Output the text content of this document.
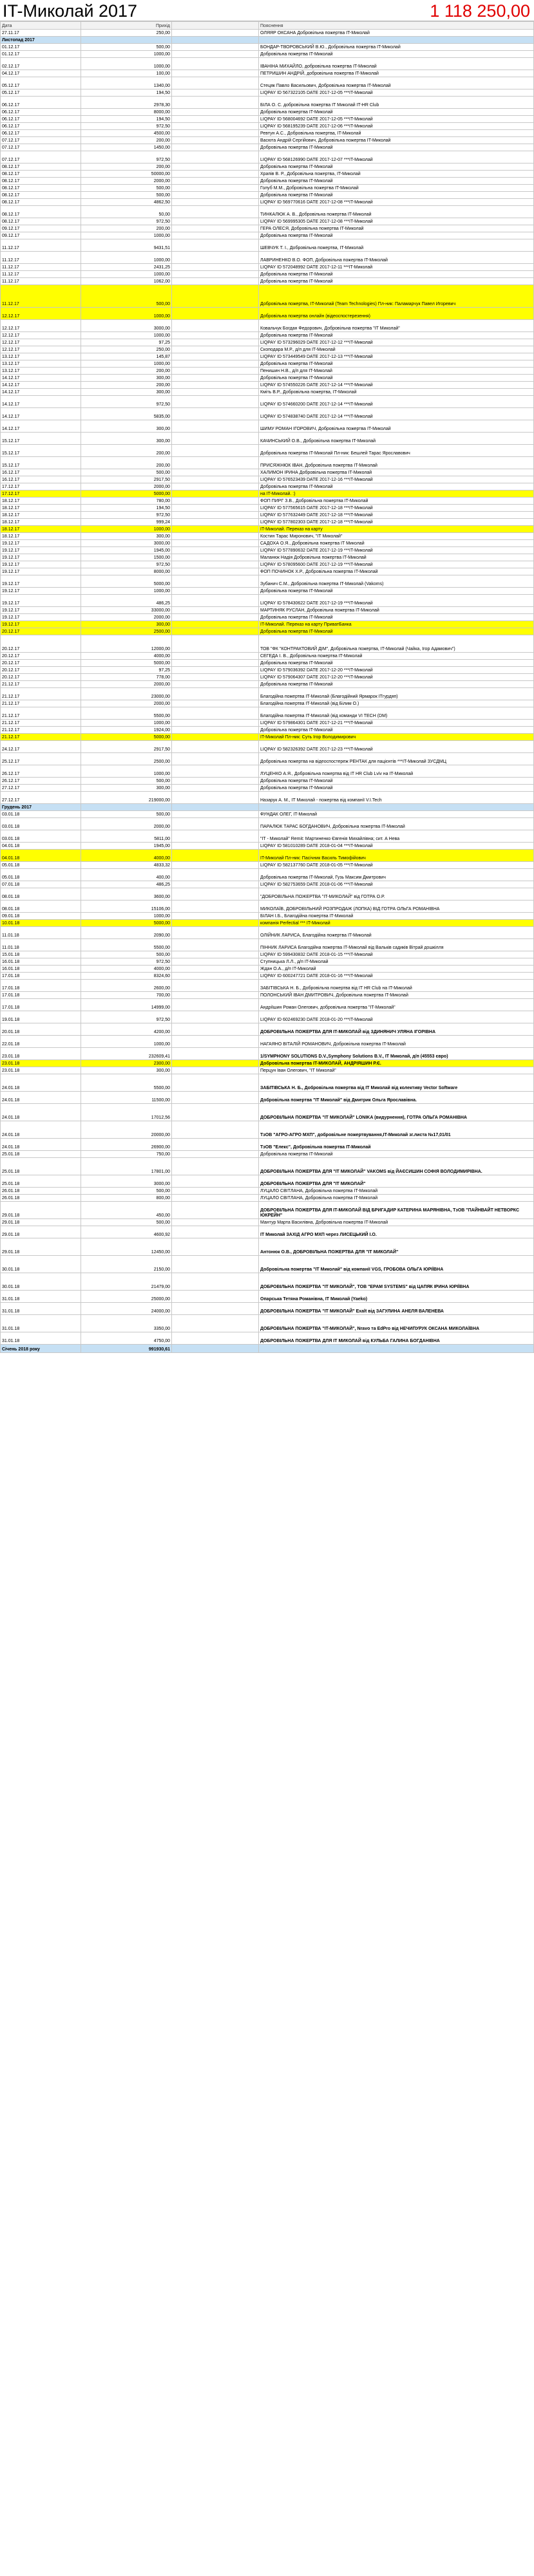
IT-Миколай 2017	1 118 250,00
Дата	Прихід		Пояснення
27.11.17	250,00		ОЛЯЯР ОКСАНА Добровільна пожертва IT-Миколай
Листопад 2017			
01.12.17	500,00		БОНДАР-ТВОРОВСЬКИЙ В.Ю., Добровільна пожертва IT-Миколай
01.12.17	1000,00		Добровільна пожертва IT-Миколай
02.12.17	1000,00		ІВАНІНА МИХАЙЛО, добровільна пожертва IT-Миколай
04.12.17	100,00		ПЕТРИШИН АНДРІЙ, добровільна пожертва IT-Миколай
05.12.17	1340,00		Стецяк Павло Васильович, Добровільна пожертва IT-Миколай
05.12.17	194,50		LIQPAY ID 567322105 DATE 2017-12-05 ***IT-Миколай
06.12.17	2978,30		БІЛА О. С. добровільна пожертва IT Миколай IT-HR Club
06.12.17	8000,00		Добровільна пожертва IT-Миколай
06.12.17	194,50		LIQPAY ID 568004692 DATE 2017-12-05 ***IT-Миколай
06.12.17	972,50		LIQPAY ID 568195239 DATE 2017-12-06 ***IT-Миколай
06.12.17	4500,00		Ревтун А.С., Добровільна пожертва, IT-Миколай
07.12.17	200,00		Васюта Андрій Сергійович, Добровільна пожертва IT-Миколай
07.12.17	1450,00		Добровільна пожертва IT-Миколай
07.12.17	972,50		LIQPAY ID 568126990 DATE 2017-12-07 ***IT-Миколай
08.12.17	200,00		Добровільна пожертва IT-Миколай
08.12.17	50000,00		Храпів В. Р., Добровільна пожертва, IT-Миколай
08.12.17	2000,00		Добровільна пожертва IT-Миколай
08.12.17	500,00		Голуб М.М., Добровільна пожертва IT-Миколай
08.12.17	500,00		Добровільна пожертва IT-Миколай
08.12.17	4862,50		LIQPAY ID 569770616 DATE 2017-12-08 ***IT-Миколай
08.12.17	50,00		ТИНКАЛЮК А. В., Добровільна пожертва IT-Миколай
08.12.17	972,50		LIQPAY ID 569995305 DATE 2017-12-08 ***IT-Миколай
09.12.17	200,00		ГЕРА ОЛЕСЯ, Добровільна пожертва IT-Миколай
09.12.17	1000,00		Добровільна пожертва IT-Миколай
11.12.17	9431,51		ШЕВЧУК Т. І., Добровільна пожертва, IT-Миколай
11.12.17	1000,00		ЛАВРИНЕНКО В.О. ФОП, Добровільна пожертва IT-Миколай
11.12.17	2431,25		LIQPAY ID 572048992 DATE 2017-12-11 ***IT-Миколай
11.12.17	1000,00		Добровільна пожертва IT-Миколай
11.12.17	1062,00		Добровільна пожертва IT-Миколай
11.12.17	500,00		Добровільна пожертва, IT-Миколай (Team Technologies) Пл-ник: Паламарчук Павел Игоревич
12.12.17	1000,00		Добровільна пожертва онлайн (відеоспостерезення)
12.12.17	3000,00		Ковальчук Богдан Федорович, Добровільна пожертва "IT Миколай"
12.12.17	1000,00		Добровільна пожертва IT-Миколай
12.12.17	97,25		LIQPAY ID 573296029 DATE 2017-12-12 ***IT-Миколай
12.12.17	250,00		Скоподара М.Р., д/п для IT-Миколай
13.12.17	145,87		LIQPAY ID 573449549 DATE 2017-12-13 ***IT-Миколай
13.12.17	1000,00		Добровільна пожертва IT-Миколай
13.12.17	200,00		Пенишин Н.В., д/п для IT-Миколай
14.12.17	300,00		Добровільна пожертва IT-Миколай
14.12.17	200,00		LIQPAY ID 574550226 DATE 2017-12-14 ***IT-Миколай
14.12.17	300,00		Кміть В.Р., Добровільна пожертва, IT-Миколай
14.12.17	972,50		LIQPAY ID 574660200 DATE 2017-12-14 ***IT-Миколай
14.12.17	5835,00		LIQPAY ID 574838740 DATE 2017-12-14 ***IT-Миколай
14.12.17	300,00		ШИМУ РОМАН ІГОРОВИЧ, Добровільна пожертва IT-Миколай
15.12.17	300,00		КАЧИНСЬКИЙ О.В., Добровільна пожертва IT-Миколай
15.12.17	200,00		Добровільна пожертва IT-Миколай Пл-ник: Бешлей Тарас Ярославович
15.12.17	200,00		ПРИСЯЖНЮК ІВАН, Добровільна пожертва IT-Миколай
16.12.17	500,00		ХАЛИМОН ІРИНА Добровільна пожертва IT-Миколай
16.12.17	2917,50		LIQPAY ID 576523439 DATE 2017-12-16 ***IT-Миколай
17.12.17	2000,00		Добровільна пожертва IT-Миколай
17.12.17	5000,00		на IT-Миколай. :)
18.12.17	780,00		ФОП ПИРГ З.В., Добровільна пожертва IT-Миколай
18.12.17	194,50		LIQPAY ID 577565615 DATE 2017-12-18 ***IT-Миколай
18.12.17	972,50		LIQPAY ID 577632449 DATE 2017-12-18 ***IT-Миколай
18.12.17	999,24		LIQPAY ID 577802303 DATE 2017-12-18 ***IT-Миколай
18.12.17	1000,00		IT-Миколай. Переказ на карту
18.12.17	300,00		Костин Тарас Миронович, "IT Миколай"
19.12.17	3000,00		САДОХА О.Я., Добровільна пожертва IT Миколай
19.12.17	1945,00		LIQPAY ID 577890632 DATE 2017-12-19 ***IT-Миколай
19.12.17	1500,00		Маланюк Надія Добровільна пожертва IT-Миколай
19.12.17	972,50		LIQPAY ID 578095600 DATE 2017-12-19 ***IT-Миколай
19.12.17	8000,00		ФОП ПОЧИНОК Х.Р., Добровільна пожертва IT-Миколай
19.12.17	5000,00		Зубанич С.М., Добровільна пожертва IT-Миколай (Vakoms)
19.12.17	1000,00		Добровільна пожертва IT-Миколай
19.12.17	486,25		LIQPAY ID 578430622 DATE 2017-12-19 ***IT-Миколай
19.12.17	33000,00		МАРТИНЯК РУСЛАН, Добровільна пожертва IT-Миколай
19.12.17	2000,00		Добровільна пожертва IT-Миколай
19.12.17	300,00		IT-Миколай. Переказ на карту ПриватБанка
20.12.17	2500,00		Добровільна пожертва IT-Миколай
20.12.17	12000,00		ТОВ "ФК "КОНТРАКТОВИЙ ДІМ", Добровільна пожертва, IT-Миколай (Чайка, Ігор Адамович")
20.12.17	4000,00		СЕГЕДА І. В., Добровільна пожертва IT-Миколай
20.12.17	5000,00		Добровільна пожертва IT-Миколай
20.12.17	97,25		LIQPAY ID 579036392 DATE 2017-12-20 ***IT-Миколай
20.12.17	778,00		LIQPAY ID 579064307 DATE 2017-12-20 ***IT-Миколай
21.12.17	2000,00		Добровільна пожертва IT-Миколай
21.12.17	23000,00		Благодійна пожертва IT-Миколай (Благодійний Ярмарок ІТгурдяп)
21.12.17	2000,00		Благодійна пожертва IT-Миколай (від Білим О.)
21.12.17	5500,00		Благодійна пожертва IT-Миколай (від команди VI TECH (DM)
21.12.17	1000,00		LIQPAY ID 579864301 DATE 2017-12-21 ***IT-Миколай
21.12.17	1924,00		Добровільна пожертва IT-Миколай
21.12.17	5000,00		IT-Миколай Пл-ник: Cуть Ігор Володимирович
24.12.17	2917,50		LIQPAY ID 582326392 DATE 2017-12-23 ***IT-Миколай
25.12.17	2500,00		Добровільна пожертва на відеоспостереж РЕНТАК для пацієнтів ***IT-Миколай ЗУСДМЦ
26.12.17	1000,00		ЛУЦЕНКО А.Я., Добровільна пожертва від IT HR Club Lviv на IT-Миколай
26.12.17	500,00		Добровільна пожертва IT-Миколай
27.12.17	300,00		Добровільна пожертва IT-Миколай
27.12.17	219000,00		Назарук А. М., IT Миколай - пожертва від компанії V.I.Tech
Грудень 2017			
03.01.18	500,00		ФУНДАК ОЛЕГ, IT-Миколай
03.01.18	2000,00		ПАРАЛЮК ТАРАС БОГДАНОВИЧ, Добровільна пожертва IT-Миколай
03.01.18	5811,00		"IT - Миколай" Remit: Мартиненко Євгенія Михайлівна; cит. А Нева
04.01.18	1945,00		LIQPAY ID 581010289 DATE 2018-01-04 ***IT-Миколай
04.01.18	4000,00		IT-Миколай Пл-ник: Пасічник Василь Тимофійович
05.01.18	4833,32		LIQPAY ID 582137760 DATE 2018-01-05 ***IT-Миколай
05.01.18	400,00		Добровільна пожертва IT-Миколай, Гузь Максим Дмитрович
07.01.18	486,25		LIQPAY ID 582753659 DATE 2018-01-06 ***IT-Миколай
08.01.18	3600,00		"ДОБРОВІЛЬНА ПОЖЕРТВА "IT-МИКОЛАЙ" від ГОТРА О.Р.
08.01.18	15106,00		МИКОЛАЇВ, ДОБРОВІЛЬНИЙ РОЗПРОДАЖ (ЛОПКА) ВІД ГОТРА ОЛЬГА РОМАНІВНА
09.01.18	1000,00		БІЛАН І.Б., Благодійна пожертва IT-Миколай
10.01.18	5000,00		компанія Perfectial *** IT-Миколай
11.01.18	2090,00		ОЛІЙНИК ЛАРИСА, Благодійна пожертва IT-Миколай
11.01.18	5500,00		ПІННИК ЛАРИСА Благодійна пожертва IT-Миколай від Вальків садиків Вітрай дошкілля
15.01.18	500,00		LIQPAY ID 599430832 DATE 2018-01-15 ***IT-Миколай
16.01.18	972,50		Ступницька Л.Л., д/п IT-Миколай
16.01.18	4000,00		Ждан О.А., д/п IT-Миколай
17.01.18	8324,60		LIQPAY ID 600247721 DATE 2018-01-16 ***IT-Миколай
17.01.18	2600,00		ЗАБІТІВСЬКА Н. Б., Добровільна пожертва від IT HR Club на IT-Миколай
17.01.18	700,00		ПОЛОНСЬКИЙ ІВАН ДМИТРОВИЧ, Добровільна пожертва IT-Миколай
17.01.18	14999,00		Андріїшин Роман Олегович, добровільна пожертва "IT-Миколай"
19.01.18	972,50		LIQPAY ID 602469230 DATE 2018-01-20 ***IT-Миколай
20.01.18	4200,00		ДОБРОВІЛЬНА ПОЖЕРТВА ДЛЯ IT-МИКОЛАЙ від ЗДИНЯНИЧ УЛЯНА ІГОРІВНА
22.01.18	1000,00		НАГАЯНО ВІТАЛІЙ РОМАНОВИЧ, Добровільна пожертва IT-Миколай
23.01.18	232609,41		1/SYMPHONY SOLUTIONS D.V.,Symphony Solutions B.V., IT Миколай, д/п (45553 євро)
23.01.18	2300,00		Добровільна пожертва IT-МИКОЛАЙ, АНДРІЯШИН Р.Є.
23.01.18	300,00		Перцун Іван Олегович, "IT Миколай"
24.01.18	5500,00		ЗАБІТІВСЬКА Н. Б., Добровільна пожертва від IT Миколай від колективу Vector Software
24.01.18	11500,00		Добровільна пожертва "IT Миколай" від Дмитрик Ольга Ярославівна.
24.01.18	17012,56		ДОБРОВІЛЬНА ПОЖЕРТВА "IT МИКОЛАЙ" LONIKA (видурнення), ГОТРА ОЛЬГА РОМАНІВНА
24.01.18	20000,00		ТзОВ "АГРО-АГРО МХП", добровільне пожертвування,IT-Миколай зг.листа №17,01/01
24.01.18	26900,00		ТзОВ "Елекс", Добровільна пожертва IT-Миколай
25.01.18	750,00		Добровільна пожертва IT-Миколай
25.01.18	17801,00		ДОБРОВІЛЬНА ПОЖЕРТВА ДЛЯ "IT МИКОЛАЙ" VAKOMS від ЙАЄСИШИН СОФІЯ ВОЛОДИМИРІВНА.
25.01.18	3000,00		ДОБРОВІЛЬНА ПОЖЕРТВА ДЛЯ "IT МИКОЛАЙ"
26.01.18	500,00		ЛУЦАЛО СВІТЛАНА, Добровільна пожертва IT-Миколай
26.01.18	800,00		ЛУЦАЛО СВІТЛАНА, Добровільна пожертва IT-Миколай
29.01.18	450,00		ДОБРОВІЛЬНА ПОЖЕРТВА ДЛЯ IT-МИКОЛАЙ ВІД БРИГАДИР КАТЕРИНА МАРЯНІВНА, ТзОВ "ПАЙНВАЙТ НЕТВОРКС ЮКРЕЙН"
29.01.18	500,00		Мантур Марта Василівна, Добровільна пожертва IT-Миколай
29.01.18	4600,92		IT Миколай ЗАХІД АГРО МХП через ЛИСЕЦЬКИЙ І.О.
29.01.18	12450,00		Антонюк О.В., ДОБРОВІЛЬНА ПОЖЕРТВА ДЛЯ "IT МИКОЛАЙ"
30.01.18	2150,00		Добровільна пожертва "IT Миколай" від компанії VGS, ГРОБОВА ОЛЬГА ЮРІЇВНА
30.01.18	21479,00		ДОБРОВІЛЬНА ПОЖЕРТВА "IT МИКОЛАЙ", ТОВ "EPAM SYSTEMS" від ЦАПЯК ІРИНА ЮРІЇВНА
31.01.18	25000,00		Опарська Тетяна Романівна, IT Миколай (Yaeko)
31.01.18	24000,00		ДОБРОВІЛЬНА ПОЖЕРТВА "IT МИКОЛАЙ" Exalt від ЗАГУЛИНА АНЕЛЯ ВАЛЕНЕВА
31.01.18	3350,00		ДОБРОВІЛЬНА ПОЖЕРТВА "IT-МИКОЛАЙ", Nravo та EdPro від НЕЧИПУРУК ОКСАНА МИКОЛАЇВНА
31.01.18	4750,00		ДОБРОВІЛЬНА ПОЖЕРТВА ДЛЯ IT МИКОЛАЙ від КУЛЬБА ГАЛИНА БОГДАНІВНА
Січень 2018 року	991930,61		
